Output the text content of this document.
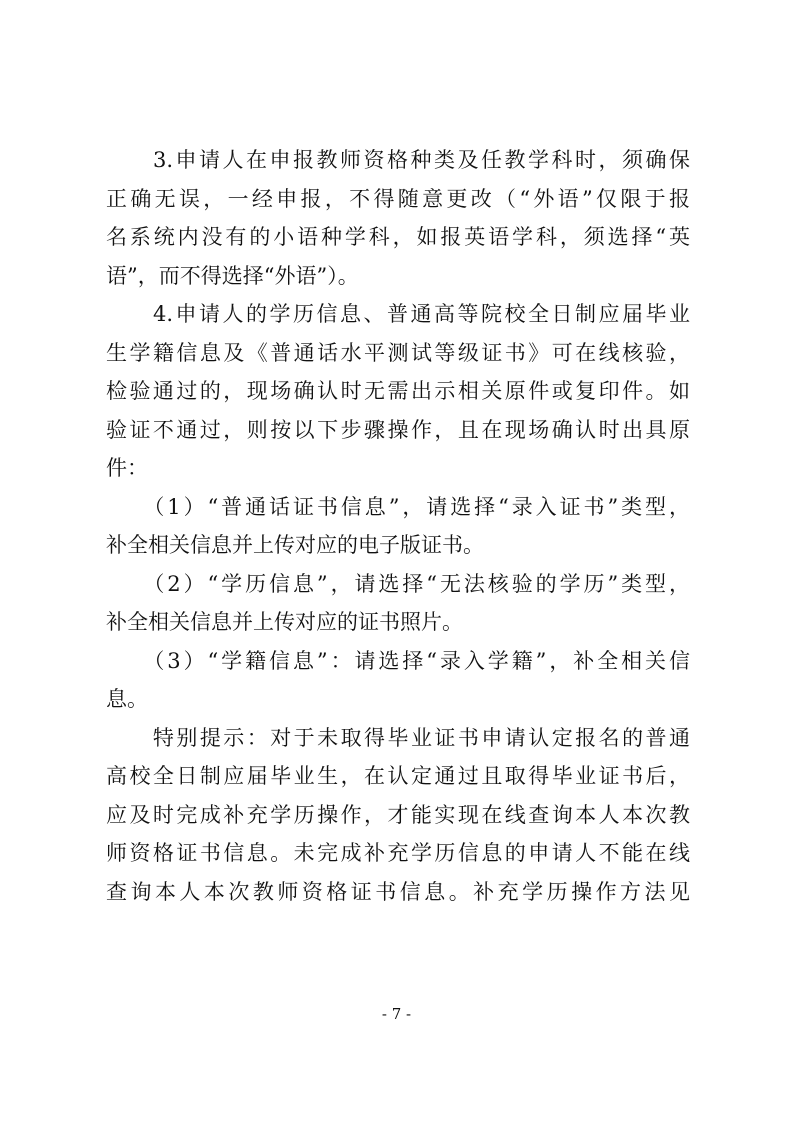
　　3.申请人在申报教师资格种类及任教学科时，须确保
正确无误，一经申报，不得随意更改（“外语”仅限于报
名系统内没有的小语种学科，如报英语学科，须选择“英
语”，而不得选择“外语”）。
　　4.申请人的学历信息、普通高等院校全日制应届毕业
生学籍信息及《普通话水平测试等级证书》可在线核验，
检验通过的，现场确认时无需出示相关原件或复印件。如
验证不通过，则按以下步骤操作，且在现场确认时出具原
件：
　　（1）“普通话证书信息”，请选择“录入证书”类型，
补全相关信息并上传对应的电子版证书。
　　（2）“学历信息”，请选择“无法核验的学历”类型，
补全相关信息并上传对应的证书照片。
　　（3）“学籍信息”：请选择“录入学籍”，补全相关信
息。
　　特别提示：对于未取得毕业证书申请认定报名的普通
高校全日制应届毕业生，在认定通过且取得毕业证书后，
应及时完成补充学历操作，才能实现在线查询本人本次教
师资格证书信息。未完成补充学历信息的申请人不能在线
查询本人本次教师资格证书信息。补充学历操作方法见
- 7 -
